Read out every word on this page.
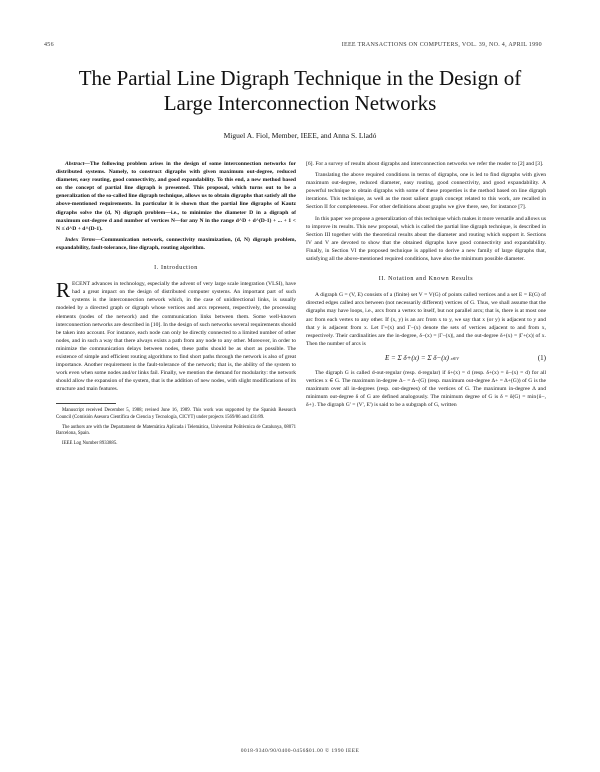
456	IEEE TRANSACTIONS ON COMPUTERS, VOL. 39, NO. 4, APRIL 1990
The Partial Line Digraph Technique in the Design of Large Interconnection Networks
Miguel A. Fiol, Member, IEEE, and Anna S. Lladó

Abstract—The following problem arises in the design of some interconnection networks for distributed systems. Namely, to construct digraphs with given maximum out-degree, reduced diameter, easy routing, good connectivity, and good expandability. To this end, a new method based on the concept of partial line digraph is presented. This proposal, which turns out to be a generalization of the so-called line digraph technique, allows us to obtain digraphs that satisfy all the above-mentioned requirements. In particular it is shown that the partial line digraphs of Kautz digraphs solve the (d, N) digraph problem—i.e., to minimize the diameter D in a digraph of maximum out-degree d and number of vertices N—for any N in the range d^D + d^(D-1) + ... + 1 < N ≤ d^D + d^(D-1).

Index Terms—Communication network, connectivity maximization, (d, N) digraph problem, expandability, fault-tolerance, line digraph, routing algorithm.

I. Introduction

RECENT advances in technology, especially the advent of very large scale integration (VLSI), have had a great impact on the design of distributed computer systems. An important part of such systems is the interconnection network which, in the case of unidirectional links, is usually modeled by a directed graph or digraph whose vertices and arcs represent, respectively, the processing elements (nodes of the network) and the communication links between them. Some well-known interconnection networks are described in [10]. In the design of such networks several requirements should be taken into account. For instance, each node can only be directly connected to a limited number of other nodes, and in such a way that there always exists a path from any node to any other. Moreover, in order to minimize the communication delays between nodes, these paths should be as short as possible. The existence of simple and efficient routing algorithms to find short paths through the network is also of great importance. Another requirement is the fault-tolerance of the network; that is, the ability of the system to work even when some nodes and/or links fail. Finally, we mention the demand for modularity: the network should allow the expansion of the system, that is the addition of new nodes, with slight modifications of its structure and main features.

Manuscript received December 5, 1988; revised June 16, 1989. This work was supported by the Spanish Research Council (Comisión Asesora Científica de Ciencia y Tecnología, CICYT) under projects 1569/86 and 431/89.

The authors are with the Departament de Matemàtica Aplicada i Telemàtica, Universitat Politècnica de Catalunya, 08071 Barcelona, Spain.

IEEE Log Number 8933885.

[6]. For a survey of results about digraphs and interconnection networks we refer the reader to [2] and [3].

Translating the above required conditions in terms of digraphs, one is led to find digraphs with given maximum out-degree, reduced diameter, easy routing, good connectivity, and good expandability. A powerful technique to obtain digraphs with some of these properties is the method based on line digraph iterations. This technique, as well as the most salient graph concept related to this work, are recalled in Section II for completeness. For other definitions about graphs we give there, see, for instance [7].

In this paper we propose a generalization of this technique which makes it more versatile and allows us to improve its results. This new proposal, which is called the partial line digraph technique, is described in Section III together with the theoretical results about the diameter and routing which support it. Sections IV and V are devoted to show that the obtained digraphs have good connectivity and expandability. Finally, in Section VI the proposed technique is applied to derive a new family of large digraphs that, satisfying all the above-mentioned required conditions, have also the minimum possible diameter.

II. Notation and Known Results

A digraph G = (V, E) consists of a (finite) set V = V(G) of points called vertices and a set E = E(G) of directed edges called arcs between (not necessarily different) vertices of G. Thus, we shall assume that the digraphs may have loops, i.e., arcs from a vertex to itself, but not parallel arcs; that is, there is at most one arc from each vertex to any other. If (x, y) is an arc from x to y, we say that x (or y) is adjacent to y and that y is adjacent from x. Let Γ+(x) and Γ−(x) denote the sets of vertices adjacent to and from x, respectively. Their cardinalities are the in-degree, δ−(x) = |Γ−(x)|, and the out-degree δ+(x) = |Γ+(x)| of x. Then the number of arcs is

E = Σ δ+(x) = Σ δ−(x) x∈V	(1)

The digraph G is called d-out-regular (resp. d-regular) if δ+(x) = d (resp. δ+(x) = δ−(x) = d) for all vertices x ∈ G. The maximum in-degree Δ− = Δ−(G) (resp. maximum out-degree Δ+ = Δ+(G)) of G is the maximum over all in-degrees (resp. out-degrees) of the vertices of G. The maximum in-degree Δ and minimum out-degree δ of G are defined analogously. The minimum degree of G is δ = δ(G) = min{δ−, δ+}. The digraph G' = (V', E') is said to be a subgraph of G, written

0018-9340/90/0400-0456$01.00 © 1990 IEEE
